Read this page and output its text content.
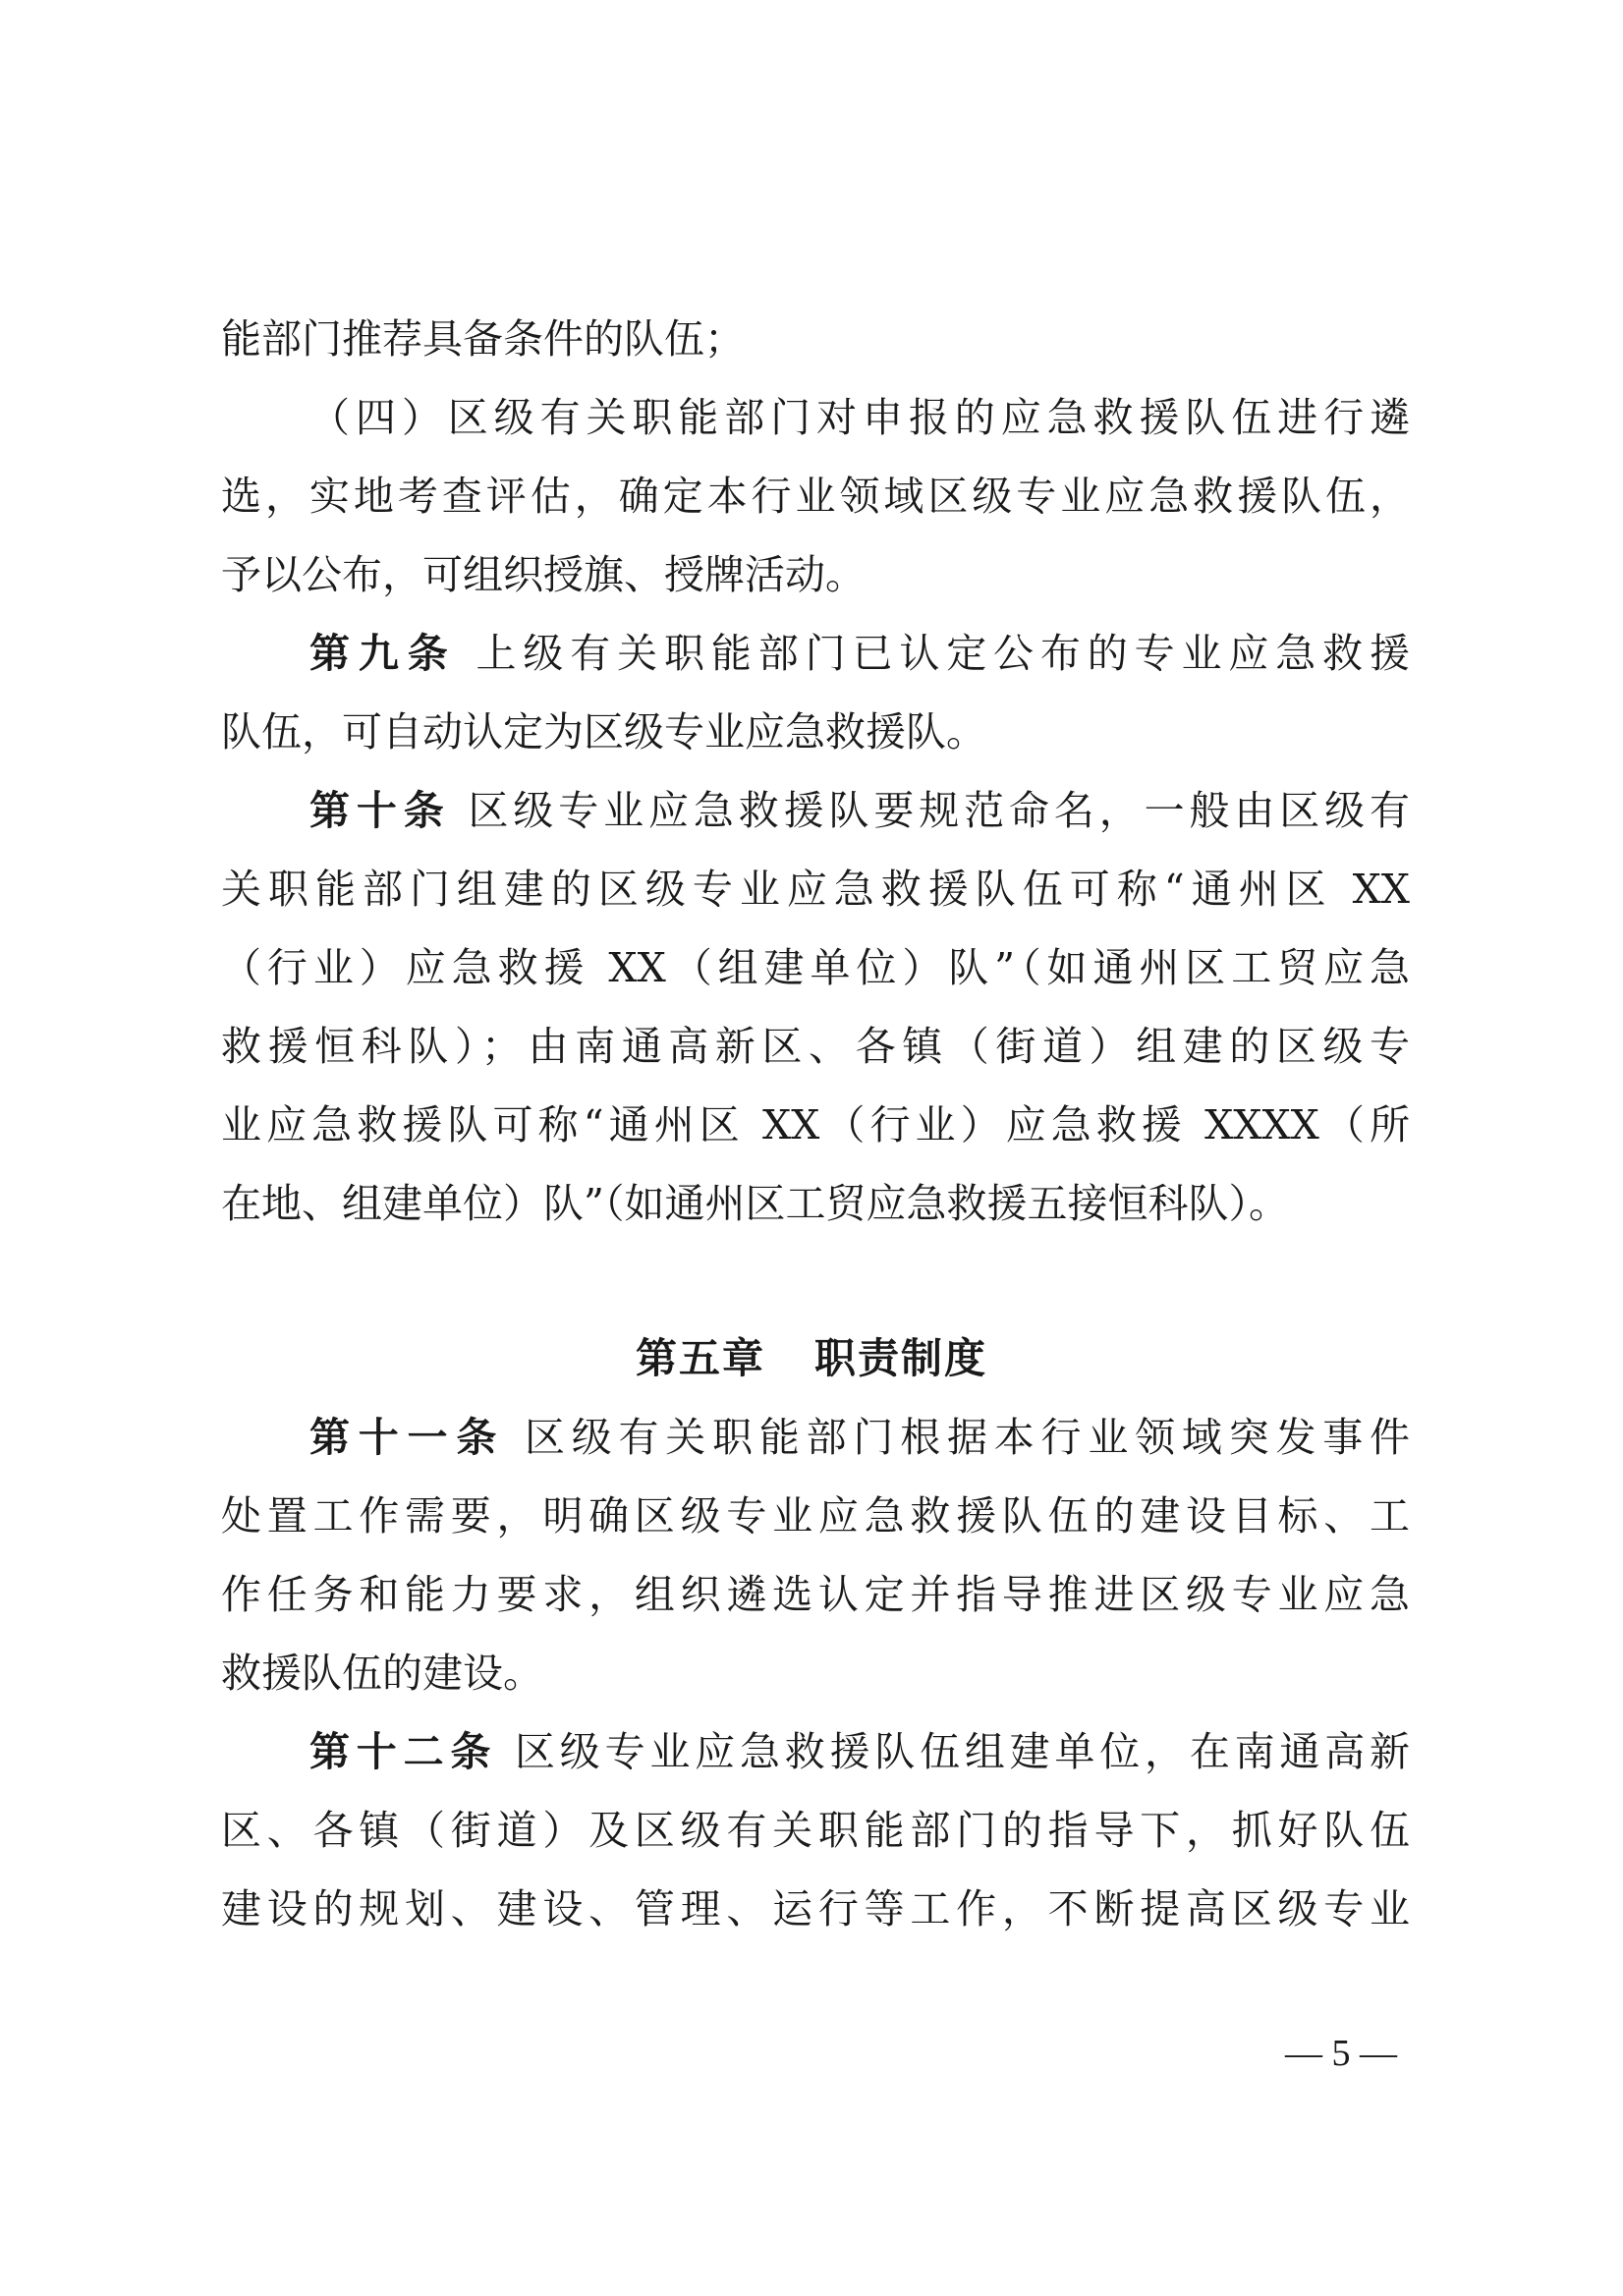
能部门推荐具备条件的队伍；
（四）区级有关职能部门对申报的应急救援队伍进行遴
选，实地考查评估，确定本行业领域区级专业应急救援队伍，
予以公布，可组织授旗、授牌活动。
第九条 上级有关职能部门已认定公布的专业应急救援
队伍，可自动认定为区级专业应急救援队。
第十条 区级专业应急救援队要规范命名，一般由区级有
关职能部门组建的区级专业应急救援队伍可称“通州区 XX
（行业）应急救援 XX（组建单位）队”（如通州区工贸应急
救援恒科队）；由南通高新区、各镇（街道）组建的区级专
业应急救援队可称“通州区 XX（行业）应急救援 XXXX（所
在地、组建单位）队”（如通州区工贸应急救援五接恒科队）。
第五章 职责制度
第十一条 区级有关职能部门根据本行业领域突发事件
处置工作需要，明确区级专业应急救援队伍的建设目标、工
作任务和能力要求，组织遴选认定并指导推进区级专业应急
救援队伍的建设。
第十二条 区级专业应急救援队伍组建单位，在南通高新
区、各镇（街道）及区级有关职能部门的指导下，抓好队伍
建设的规划、建设、管理、运行等工作，不断提高区级专业
— 5 —
